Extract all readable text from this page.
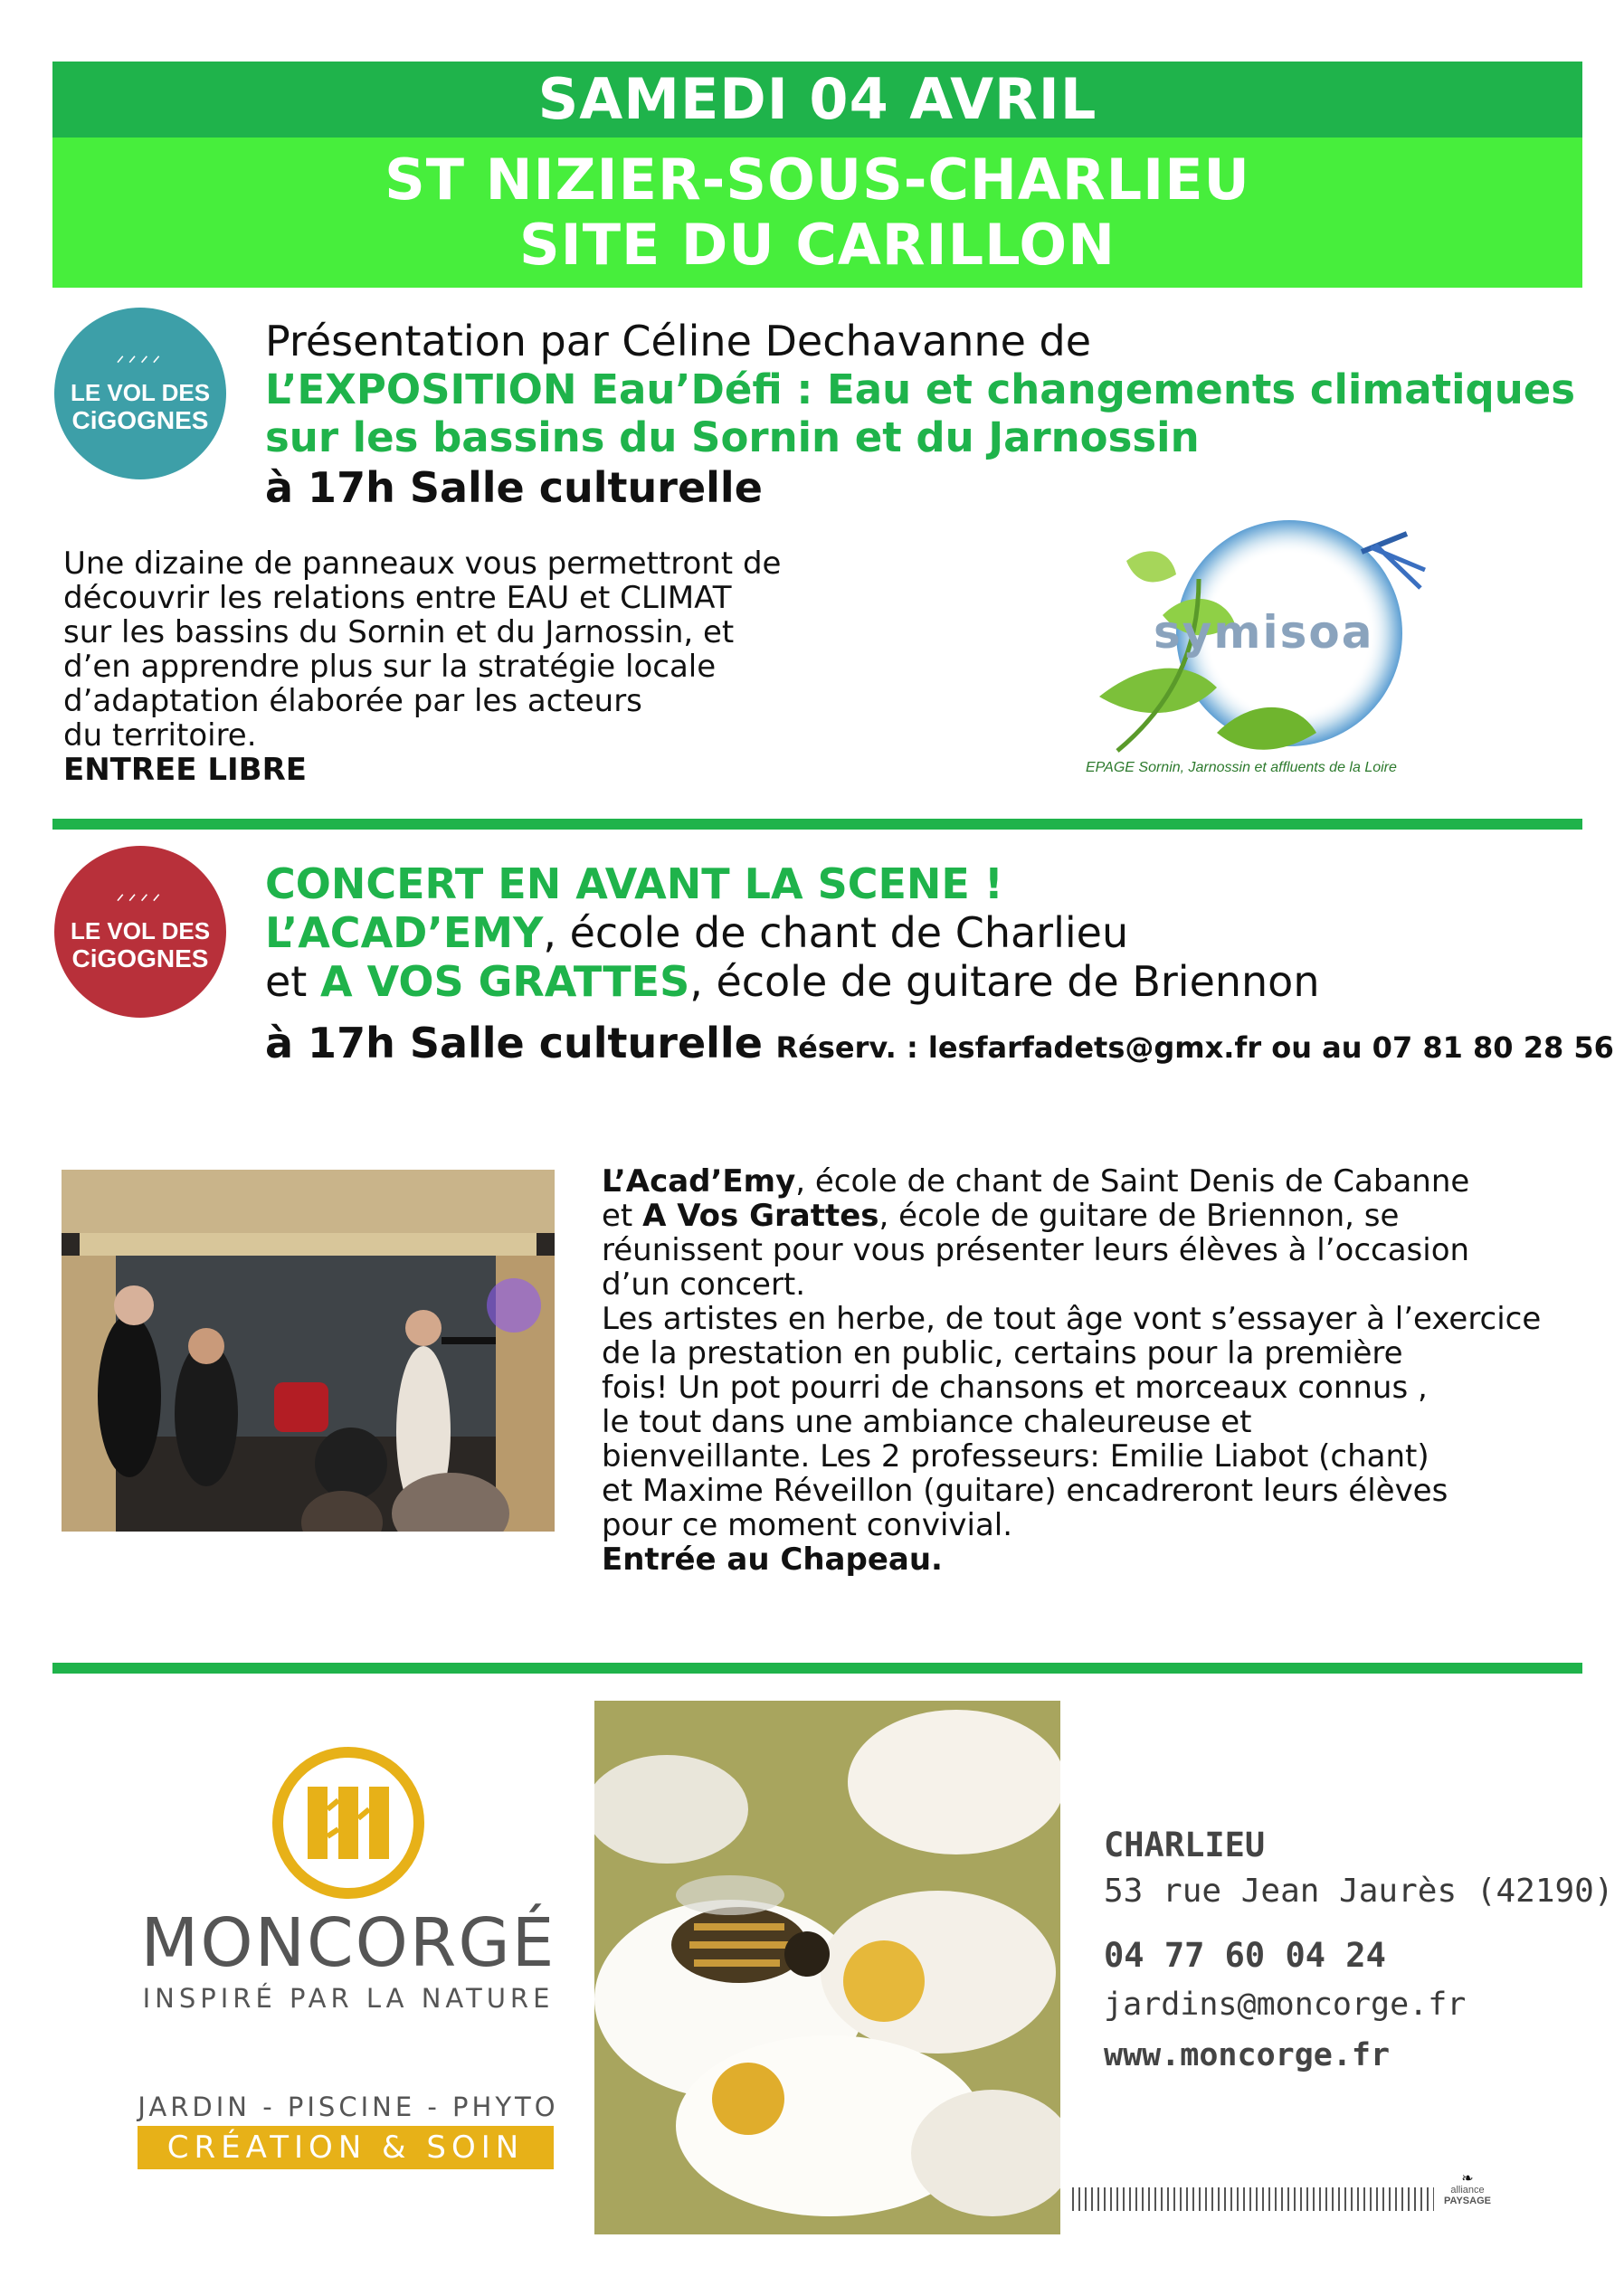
SAMEDI 04 AVRIL
ST NIZIER-SOUS-CHARLIEU
SITE DU CARILLON
ᐟᐟᐟᐟ
LE VOL DES
CiGOGNES
Présentation par Céline Dechavanne de
L’EXPOSITION Eau’Défi : Eau et changements climatiques
sur les bassins du Sornin et du Jarnossin
à 17h Salle culturelle
Une dizaine de panneaux vous permettront de
découvrir les relations entre EAU et CLIMAT
sur les bassins du Sornin et du Jarnossin, et
d’en apprendre plus sur la stratégie locale
d’adaptation élaborée par les acteurs
du territoire.
ENTREE LIBRE
symisoa
EPAGE Sornin, Jarnossin et affluents de la Loire
ᐟᐟᐟᐟ
LE VOL DES
CiGOGNES
CONCERT EN AVANT LA SCENE !
L’ACAD’EMY, école de chant de Charlieu
et A VOS GRATTES, école de guitare de Briennon
à 17h Salle culturelle Réserv. : lesfarfadets@gmx.fr ou au 07 81 80 28 56
L’Acad’Emy, école de chant de Saint Denis de Cabanne
et A Vos Grattes, école de guitare de Briennon, se
réunissent pour vous présenter leurs élèves à l’occasion
d’un concert.
Les artistes en herbe, de tout âge vont s’essayer à l’exercice
de la prestation en public, certains pour la première
fois! Un pot pourri de chansons et morceaux connus ,
le tout dans une ambiance chaleureuse et
bienveillante. Les 2 professeurs: Emilie Liabot (chant)
et Maxime Réveillon (guitare) encadreront leurs élèves
pour ce moment convivial.
Entrée au Chapeau.
MONCORGÉ
INSPIRÉ PAR LA NATURE
JARDIN - PISCINE - PHYTO
CRÉATION & SOIN
CHARLIEU
53 rue Jean Jaurès (42190)
04 77 60 04 24
jardins@moncorge.fr
www.moncorge.fr
❧
alliance
PAYSAGE
